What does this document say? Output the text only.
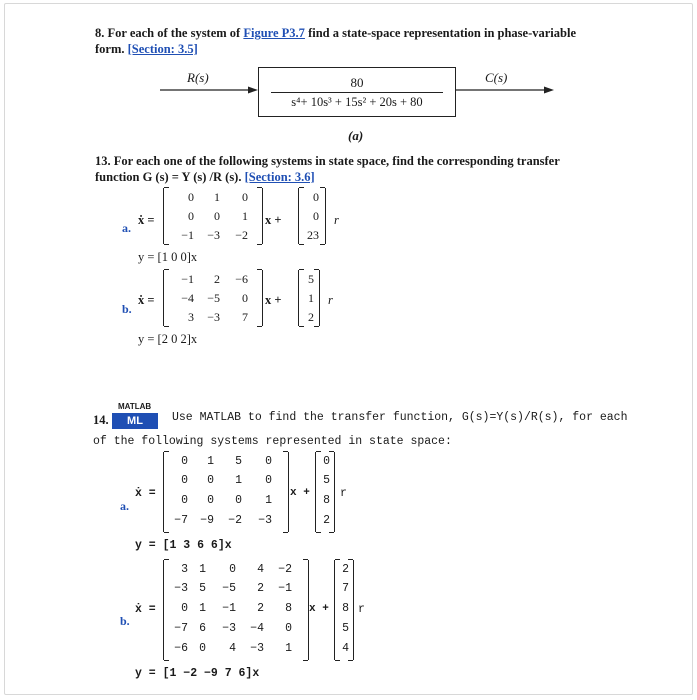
8. For each of the system of Figure P3.7 find a state-space representation in phase-variable
form. [Section: 3.5]
R(s)	C(s)
80
s⁴+ 10s³ + 15s² + 20s + 80
(a)
13. For each one of the following systems in state space, find the corresponding transfer
function G (s) = Y (s) /R (s). [Section: 3.6]
a.
ẋ =
0	1	0
0	0	1
−1	−3	−2
x +
0
0
23
r
y = [1 0 0]x
b.
ẋ =
−1	2	−6
−4	−5	0
3	−3	7
x +
5
1
2
r
y = [2 0 2]x
14.
MATLAB
ML	Use MATLAB to find the transfer function, G(s)=Y(s)/R(s), for each
of the following systems represented in state space:
a.
ẋ =
0	1	5	0
0	0	1	0
0	0	0	1
−7	−9	−2	−3
x +
0
5
8
2
r
y = [1 3 6 6]x
b.
ẋ =
3 1	0	4	−2
−3 5	−5	2	−1
0 1	−1	2	8
−7 6	−3	−4	0
−6 0	4	−3	1
x +
2
7
8
5
4
r
y = [1 −2 −9 7 6]x
